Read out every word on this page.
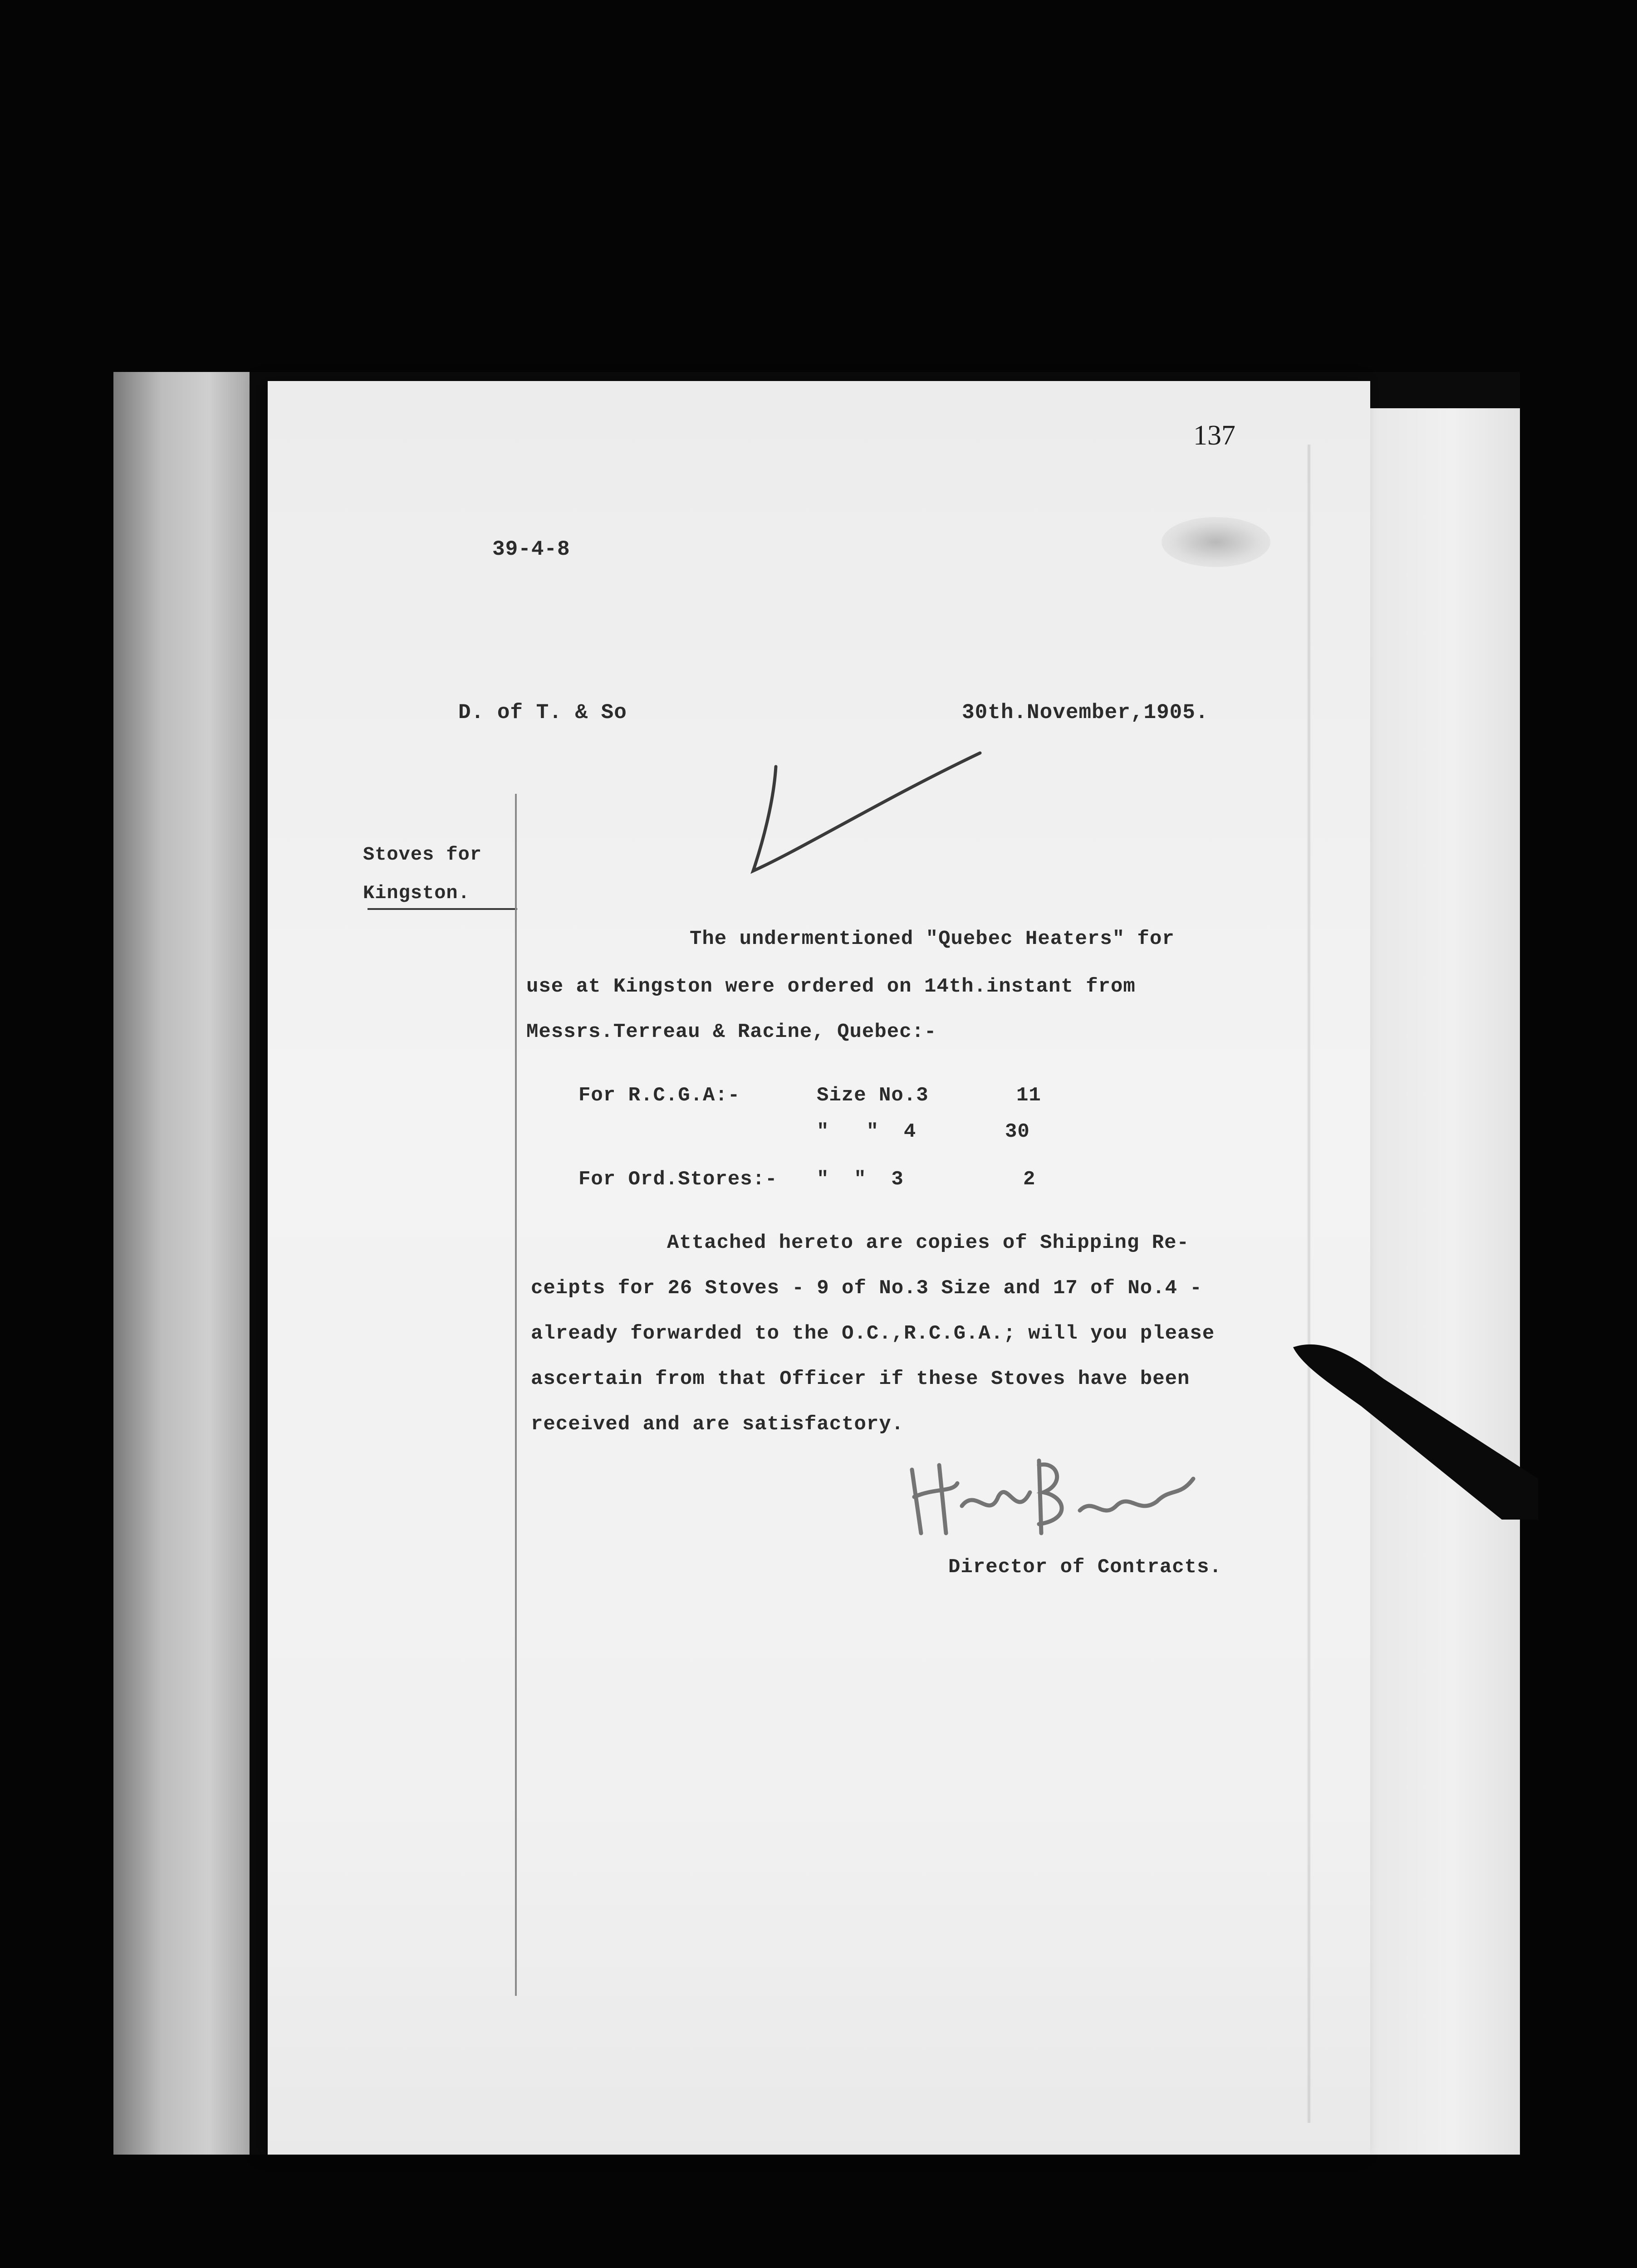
137
39-4-8
D. of T. & So	30th.November,1905.
Stoves for
Kingston.
The undermentioned "Quebec Heaters" for
use at Kingston were ordered on 14th.instant from
Messrs.Terreau & Racine, Quebec:-
For R.C.G.A:-	Size No.3	11
"   "  4	30
For Ord.Stores:- "  "  3	2
Attached hereto are copies of Shipping Re-
ceipts for 26 Stoves - 9 of No.3 Size and 17 of No.4 -
already forwarded to the O.C.,R.C.G.A.; will you please
ascertain from that Officer if these Stoves have been
received and are satisfactory.
Director of Contracts.
